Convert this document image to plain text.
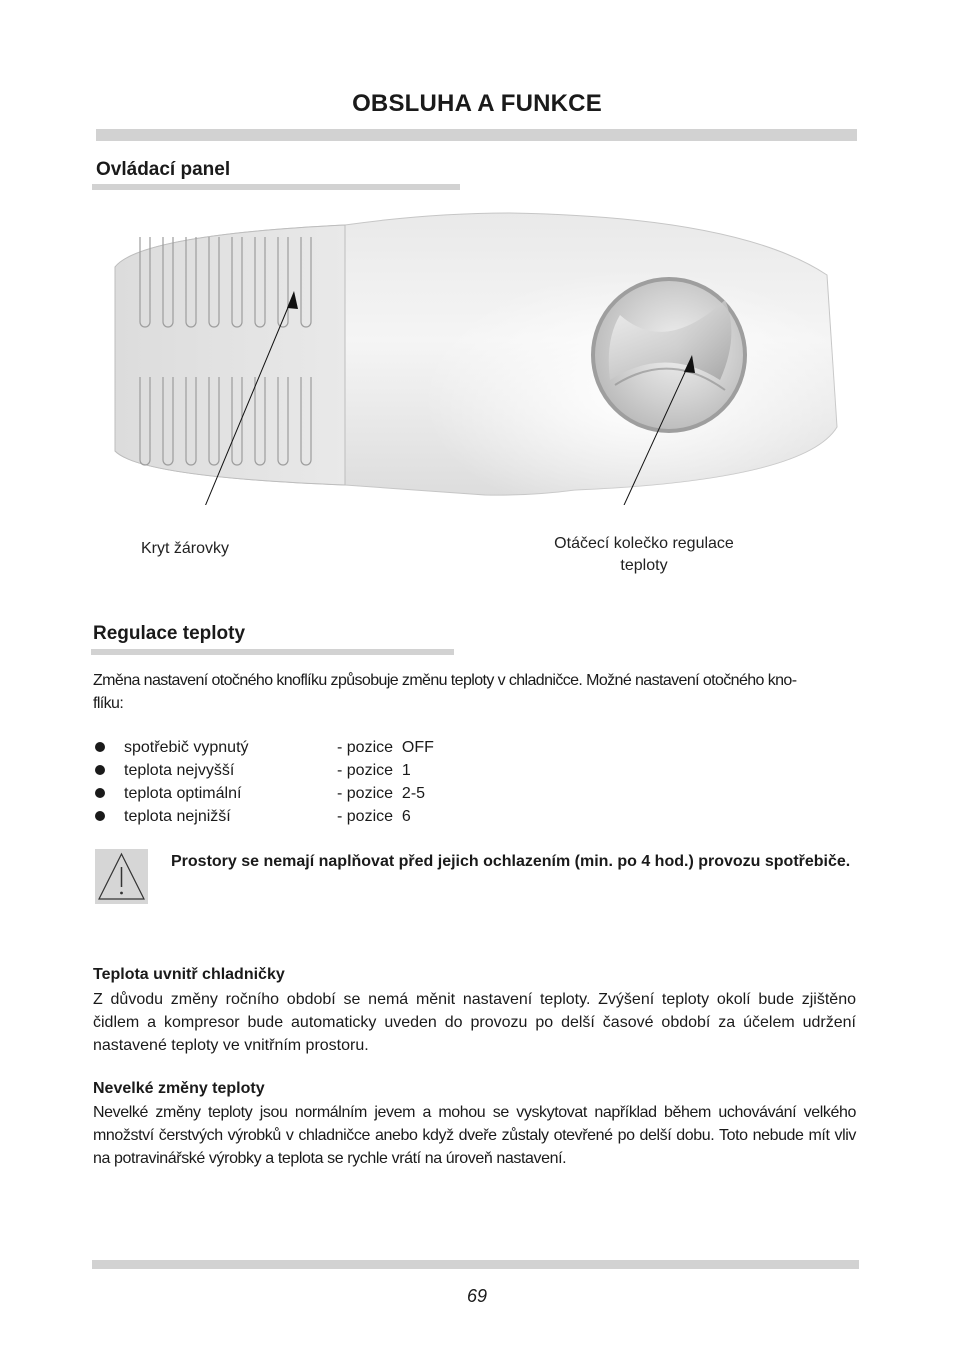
OBSLUHA A FUNKCE
Ovládací panel
Kryt žárovky	Otáčecí kolečko regulace
teploty
Regulace teploty
Změna nastavení otočného knoflíku způsobuje změnu teploty v chladničce. Možné nastavení otočného kno-
flíku:
spotřebič vypnutý	- pozice  OFF
teplota nejvyšší	- pozice  1
teplota optimální	- pozice  2-5
teplota nejnižší	- pozice  6
Prostory se nemají naplňovat před jejich ochlazením (min. po 4 hod.) provozu spotřebiče.
Teplota uvnitř chladničky
Z důvodu změny ročního období se nemá měnit nastavení teploty. Zvýšení teploty okolí bude zjištěno čidlem a kompresor bude automaticky uveden do provozu po delší časové období za účelem udržení nastavené teploty ve vnitřním prostoru.
Nevelké změny teploty
Nevelké změny teploty jsou normálním jevem a mohou se vyskytovat například během uchovávání velkého množství čerstvých výrobků v chladničce anebo když dveře zůstaly otevřené po delší dobu. Toto nebude mít vliv na potravinářské výrobky a teplota se rychle vrátí na úroveň nastavení.
69
